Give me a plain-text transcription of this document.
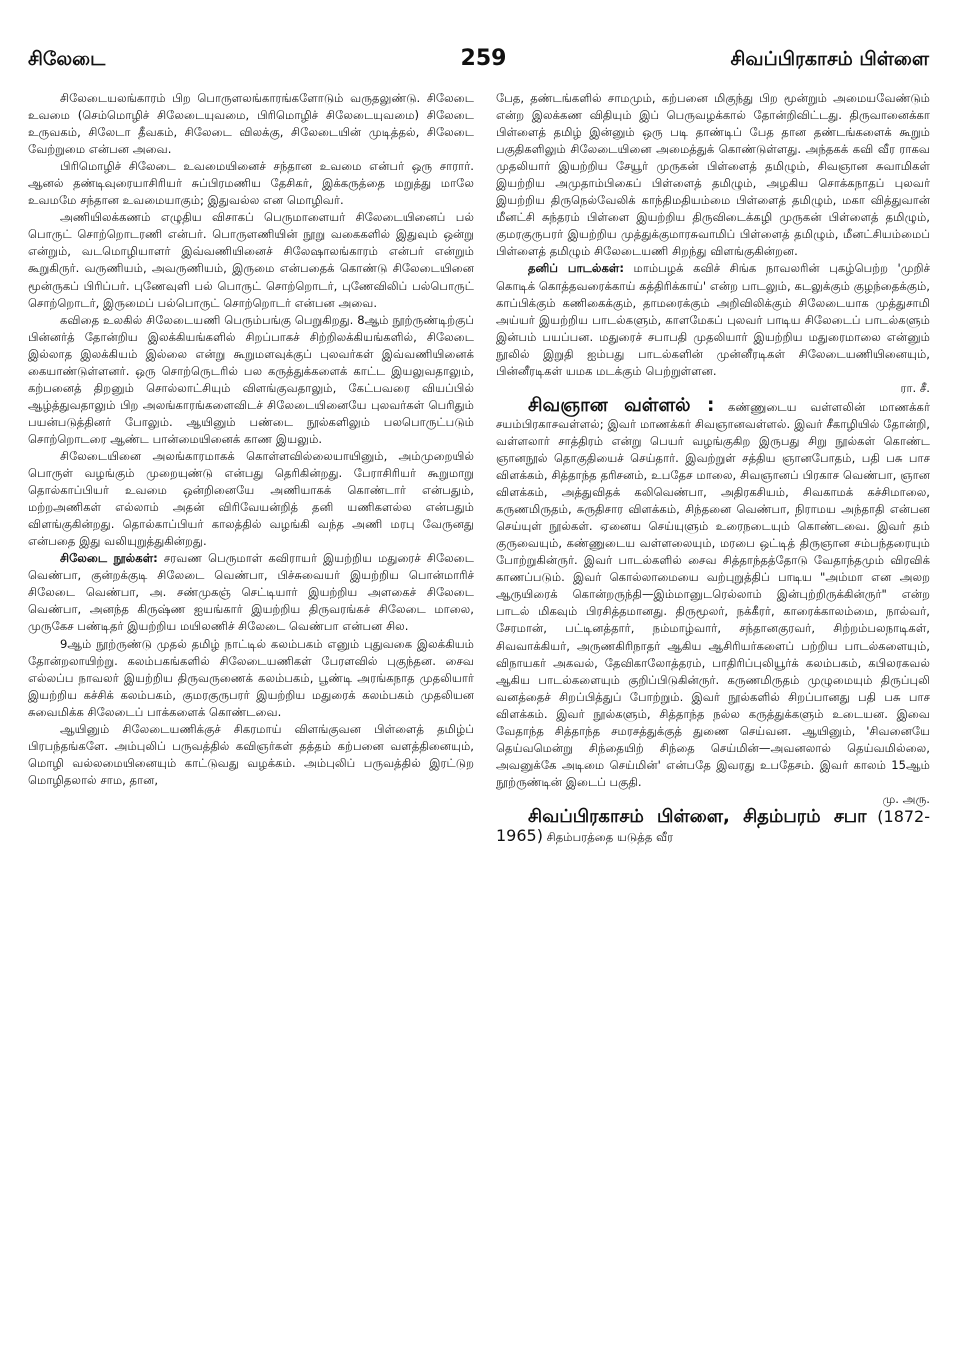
சிலேடை	259	சிவப்பிரகாசம் பிள்ளை

சிலேடையலங்காரம் பிற பொருளலங்காரங்களோடும் வருதலுண்டு. சிலேடை உவமை (செம்மொழிச் சிலேடையுவமை, பிரிமொழிச் சிலேடையுவமை) சிலேடை உருவகம், சிலேடா தீவகம், சிலேடை விலக்கு, சிலேடையின் முடித்தல், சிலேடை வேற்றுமை என்பன அவை.

பிரிமொழிச் சிலேடை உவமையினைச் சந்தான உவமை என்பர் ஒரு சாரார். ஆனல் தண்டிவுரையாசிரியர் சுப்பிரமணிய தேசிகர், இக்கருத்தை மறுத்து மாலே உவமமே சந்தான உவமையாகும்; இதுவல்ல என மொழிவர்.

அணியிலக்கணம் எழுதிய விசாகப் பெருமாளையர் சிலேடையினைப் பல் பொருட் சொற்றொடரணி என்பர். பொருளணியின் நூறு வகைகளில் இதுவும் ஒன்று என்றும், வடமொழியாளர் இவ்வணியினைச் சிலேஷாலங்காரம் என்பர் என்றும் கூறுகிருர். வருணியம், அவருணியம், இருமை என்பதைக் கொண்டு சிலேடையினை மூன்ருகப் பிரிப்பர். புணேவுளி பல் பொருட் சொற்றொடர், புணேவிலிப் பல்பொருட் சொற்றொடர், இருமைப் பல்பொருட் சொற்றொடர் என்பன அவை.

கவிதை உலகில் சிலேடையணி பெரும்பங்கு பெறுகிறது. 8ஆம் நூற்ருண்டிற்குப் பின்னர்த் தோன்றிய இலக்கியங்களில் சிறப்பாகச் சிற்றிலக்கியங்களில், சிலேடை இல்லாத இலக்கியம் இல்லை என்று கூறுமளவுக்குப் புலவர்கள் இவ்வணியினைக் கையாண்டுள்ளனர். ஒரு சொற்ருெடரில் பல கருத்துக்களைக் காட்ட இயலுவதாலும், கற்பனைத் திறனும் சொல்லாட்சியும் விளங்குவதாலும், கேட்பவரை வியப்பில் ஆழ்த்துவதாலும் பிற அலங்காரங்களைவிடச் சிலேடையினையே புலவர்கள் பெரிதும் பயன்படுத்தினர் போலும். ஆயினும் பண்டை நூல்களிலும் பலபொருட்படும் சொற்றொடரை ஆண்ட பான்மையினைக் காண இயலும்.

சிலேடையினை அலங்காரமாகக் கொள்ளவில்லையாயினும், அம்முறையில் பொருள் வழங்கும் முறையுண்டு என்பது தெரிகின்றது. பேராசிரியர் கூறுமாறு தொல்காப்பியர் உவமை ஒன்றினையே அணியாகக் கொண்டார் என்பதும், மற்றஅணிகள் எல்லாம் அதன் விரிவேயன்றித் தனி யணிகளல்ல என்பதும் விளங்குகின்றது. தொல்காப்பியர் காலத்தில் வழங்கி வந்த அணி மரபு வேருனது என்பதை இது வலியுறுத்துகின்றது.

சிலேடை நூல்கள்: சரவண பெருமாள் கவிராயர் இயற்றிய மதுரைச் சிலேடை வெண்பா, குன்றக்குடி சிலேடை வெண்பா, பிச்சுவையர் இயற்றிய பொன்மாரிச் சிலேடை வெண்பா, அ. சண்முகஞ் செட்டியார் இயற்றிய அளகைச் சிலேடை வெண்பா, அனந்த கிருஷ்ண ஐயங்கார் இயற்றிய திருவரங்கச் சிலேடை மாலை, முருகேச பண்டிதர் இயற்றிய மயிலணிச் சிலேடை வெண்பா என்பன சில.

9ஆம் நூற்ருண்டு முதல் தமிழ் நாட்டில் கலம்பகம் எனும் புதுவகை இலக்கியம் தோன்றலாயிற்று. கலம்பகங்களில் சிலேடையணிகள் பேரளவில் புகுந்தன. சைவ எல்லப்ப நாவலர் இயற்றிய திருவருணைக் கலம்பகம், பூண்டி அரங்கநாத முதலியார் இயற்றிய கச்சிக் கலம்பகம், குமரகுருபரர் இயற்றிய மதுரைக் கலம்பகம் முதலியன சுவைமிக்க சிலேடைப் பாக்களைக் கொண்டவை.

ஆயினும் சிலேடையணிக்குச் சிகரமாய் விளங்குவன பிள்ளைத் தமிழ்ப் பிரபந்தங்களே. அம்புலிப் பருவத்தில் கவிஞர்கள் தத்தம் கற்பனை வளத்தினையும், மொழி வல்லமையினையும் காட்டுவது வழக்கம். அம்புலிப் பருவத்தில் இரட்டுற மொழிதலால் சாம, தான,

பேத, தண்டங்களில் சாமமும், கற்பனை மிகுந்து பிற மூன்றும் அமையவேண்டும் என்ற இலக்கண விதியும் இப் பெருவழக்கால் தோன்றிவிட்டது. திருவானைக்கா பிள்ளைத் தமிழ் இன்னும் ஒரு படி தாண்டிப் பேத தான தண்டங்களைக் கூறும் பகுதிகளிலும் சிலேடையினை அமைத்துக் கொண்டுள்ளது. அந்தகக் கவி வீர ராகவ முதலியார் இயற்றிய சேயூர் முருகன் பிள்ளைத் தமிழும், சிவஞான சுவாமிகள் இயற்றிய அமுதாம்பிகைப் பிள்ளைத் தமிழும், அழகிய சொக்கநாதப் புலவர் இயற்றிய திருநெல்வேலிக் காந்திமதியம்மை பிள்ளைத் தமிழும், மகா வித்துவான் மீனட்சி சுந்தரம் பிள்ளை இயற்றிய திருவிடைக்கழி முருகன் பிள்ளைத் தமிழும், குமரகுருபரர் இயற்றிய முத்துக்குமாரசுவாமிப் பிள்ளைத் தமிழும், மீனட்சியம்மைப் பிள்ளைத் தமிழும் சிலேடையணி சிறந்து விளங்குகின்றன.

தனிப் பாடல்கள்: மாம்பழக் கவிச் சிங்க நாவலரின் புகழ்பெற்ற 'முறிச் கொடிக் கொத்தவரைக்காய் கத்திரிக்காய்' என்ற பாடலும், கடலுக்கும் குழந்தைக்கும், காப்பிக்கும் கணிகைக்கும், தாமரைக்கும் அறிவிலிக்கும் சிலேடையாக முத்துசாமி அய்யர் இயற்றிய பாடல்களும், காளமேகப் புலவர் பாடிய சிலேடைப் பாடல்களும் இன்பம் பயப்பன. மதுரைச் சபாபதி முதலியார் இயற்றிய மதுரைமாலை என்னும் நூலில் இறுதி ஐம்பது பாடல்களின் முன்னீரடிகள் சிலேடையணியினையும், பின்னீரடிகள் யமக மடக்கும் பெற்றுள்ளன.

ரா. சீ.

சிவஞான வள்ளல் : கண்ணுடைய வள்ளலின் மாணக்கர் சயம்பிரகாசவள்ளல்; இவர் மாணக்கர் சிவஞானவள்ளல். இவர் சீகாழியில் தோன்றி, வள்ளலார் சாத்திரம் என்று பெயர் வழங்குகிற இருபது சிறு நூல்கள் கொண்ட ஞானநூல் தொகுதியைச் செய்தார். இவற்றுள் சத்திய ஞானபோதம், பதி பசு பாச விளக்கம், சித்தாந்த தரிசனம், உபதேச மாலை, சிவஞானப் பிரகாச வெண்பா, ஞான விளக்கம், அத்துவிதக் கலிவெண்பா, அதிரகசியம், சிவகாமக் கச்சிமாலை, கருணமிருதம், சுருதிசார விளக்கம், சிந்தனை வெண்பா, நிராமய அந்தாதி என்பன செய்யுள் நூல்கள். ஏனைய செய்யுளும் உரைநடையும் கொண்டவை. இவர் தம் குருவையும், கண்ணுடைய வள்ளலையும், மரபை ஒட்டித் திருஞான சம்பந்தரையும் போற்றுகின்ருர். இவர் பாடல்களில் சைவ சித்தாந்தத்தோடு வேதாந்தமும் விரவிக் காணப்படும். இவர் கொல்லாமையை வற்புறுத்திப் பாடிய "அம்மா என அலற ஆருயிரைக் கொன்றருந்தி—இம்மானுடரெல்லாம் இன்புற்றிருக்கின்ருர்" என்ற பாடல் மிகவும் பிரசித்தமானது. திருமூலர், நக்கீரர், காரைக்காலம்மை, நால்வர், சேரமான், பட்டினத்தார், நம்மாழ்வார், சந்தானகுரவர், சிற்றம்பலநாடிகள், சிவவாக்கியர், அருணகிரிநாதர் ஆகிய ஆசிரியர்களைப் பற்றிய பாடல்களையும், விநாயகர் அகவல், தேவிகாலோத்தரம், பாதிரிப்புலியூர்க் கலம்பகம், கபிலரகவல் ஆகிய பாடல்களையும் குறிப்பிடுகின்ருர். கருணமிருதம் முழுமையும் திருப்புலி வனத்தைச் சிறப்பித்துப் போற்றும். இவர் நூல்களில் சிறப்பானது பதி பசு பாச விளக்கம். இவர் நூல்களும், சித்தாந்த நல்ல கருத்துக்களும் உடையன. இவை வேதாந்த சித்தாந்த சமரசத்துக்குத் துணை செய்வன. ஆயினும், 'சிவனையே தெய்வமென்று சிந்தையிற் சிந்தை செய்மின்—அவனலால் தெய்வமில்லை, அவனுக்கே அடிமை செய்மின்' என்பதே இவரது உபதேசம். இவர் காலம் 15ஆம் நூற்ருண்டின் இடைப் பகுதி.

மு. அரு.

சிவப்பிரகாசம் பிள்ளை, சிதம்பரம் சபா (1872-1965) சிதம்பரத்தை யடுத்த வீர
